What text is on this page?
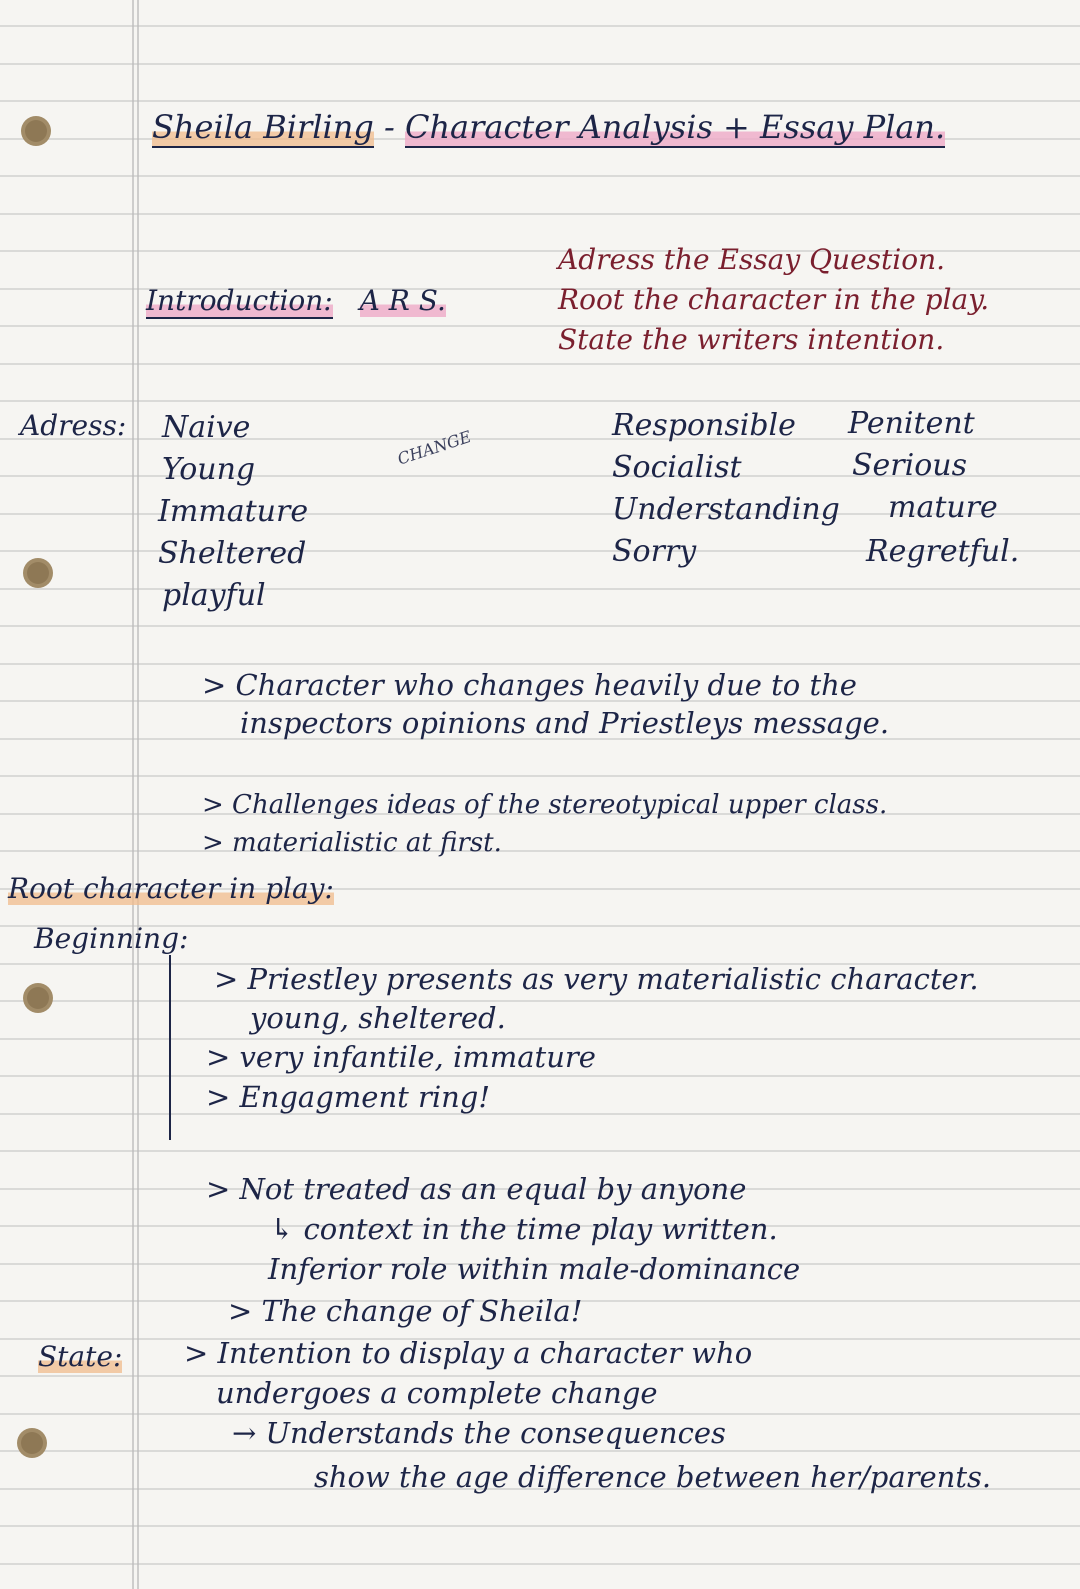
Sheila Birling - Character Analysis + Essay Plan.
Introduction: A R S.
Adress the Essay Question.
Root the character in the play.
State the writers intention.
Adress: Naive
Young
Immature
Sheltered
playful
CHANGE
Responsible
Socialist
Understanding
Sorry
Penitent
Serious
mature
Regretful.
> Character who changes heavily due to the
inspectors opinions and Priestleys message.
> Challenges ideas of the stereotypical upper class.
> materialistic at first.
Root character in play:
Beginning:
> Priestley presents as very materialistic character.
young, sheltered.
> very infantile, immature
> Engagment ring!
> Not treated as an equal by anyone
↳ context in the time play written.
Inferior role within male-dominance
> The change of Sheila!
State: > Intention to display a character who
undergoes a complete change
→ Understands the consequences
show the age difference between her/parents.
